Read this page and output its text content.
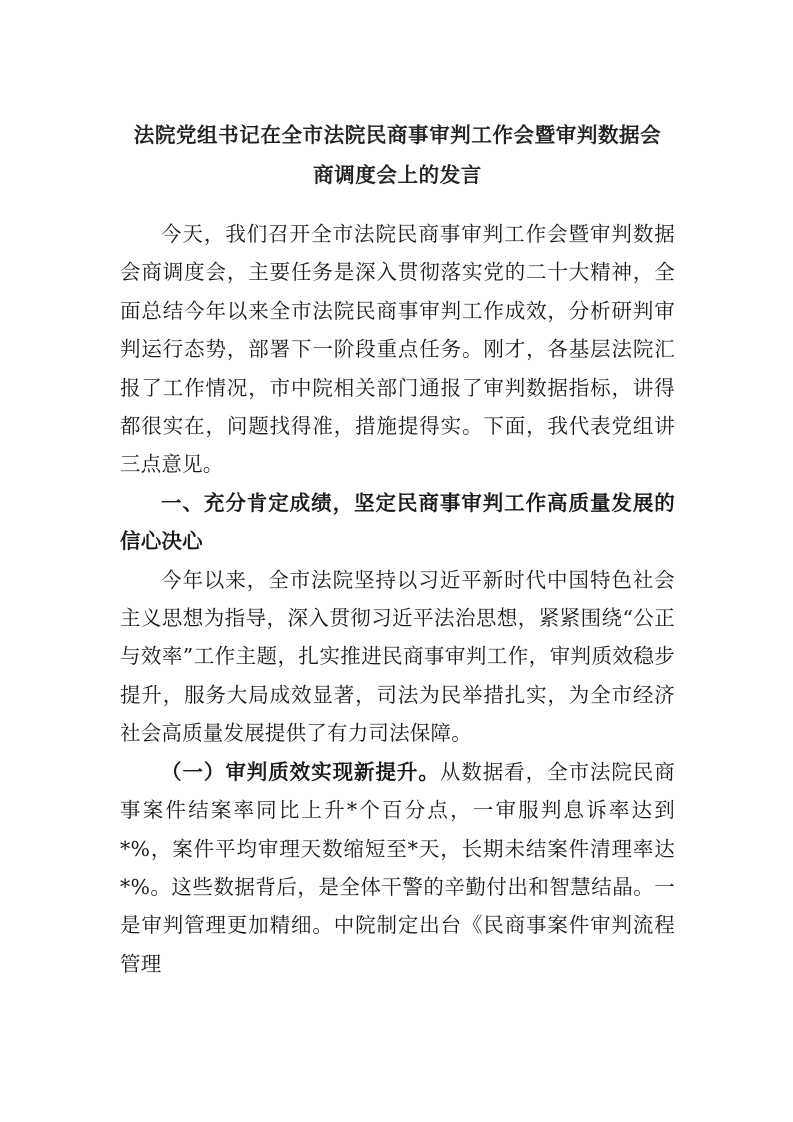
法院党组书记在全市法院民商事审判工作会暨审判数据会
商调度会上的发言

今天，我们召开全市法院民商事审判工作会暨审判数据会商调度会，主要任务是深入贯彻落实党的二十大精神，全面总结今年以来全市法院民商事审判工作成效，分析研判审判运行态势，部署下一阶段重点任务。刚才，各基层法院汇报了工作情况，市中院相关部门通报了审判数据指标，讲得都很实在，问题找得准，措施提得实。下面，我代表党组讲三点意见。

一、充分肯定成绩，坚定民商事审判工作高质量发展的信心决心

今年以来，全市法院坚持以习近平新时代中国特色社会主义思想为指导，深入贯彻习近平法治思想，紧紧围绕“公正与效率”工作主题，扎实推进民商事审判工作，审判质效稳步提升，服务大局成效显著，司法为民举措扎实，为全市经济社会高质量发展提供了有力司法保障。

（一）审判质效实现新提升。从数据看，全市法院民商事案件结案率同比上升*个百分点，一审服判息诉率达到*%，案件平均审理天数缩短至*天，长期未结案件清理率达*%。这些数据背后，是全体干警的辛勤付出和智慧结晶。一是审判管理更加精细。中院制定出台《民商事案件审判流程管理
